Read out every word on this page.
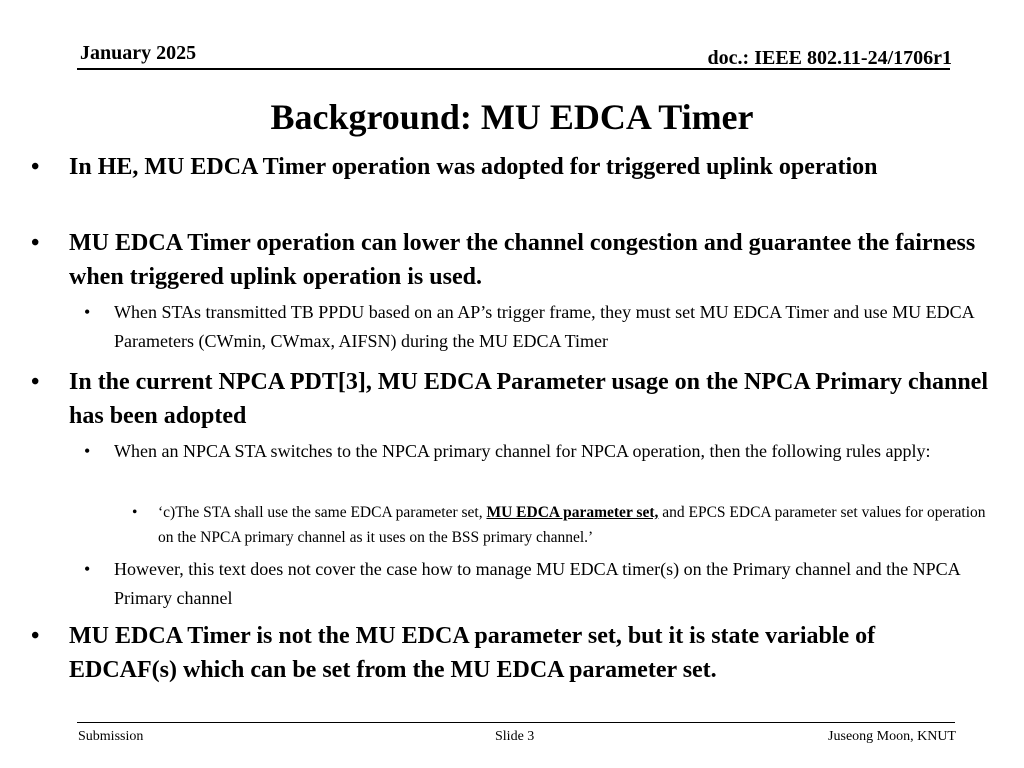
January 2025	doc.: IEEE 802.11-24/1706r1
Background: MU EDCA Timer
• In HE, MU EDCA Timer operation was adopted for triggered uplink operation
• MU EDCA Timer operation can lower the channel congestion and guarantee the fairness when triggered uplink operation is used.
• When STAs transmitted TB PPDU based on an AP’s trigger frame, they must set MU EDCA Timer and use MU EDCA Parameters (CWmin, CWmax, AIFSN) during the MU EDCA Timer
• In the current NPCA PDT[3], MU EDCA Parameter usage on the NPCA Primary channel has been adopted
• When an NPCA STA switches to the NPCA primary channel for NPCA operation, then the following rules apply:
• ‘c)The STA shall use the same EDCA parameter set, MU EDCA parameter set, and EPCS EDCA parameter set values for operation on the NPCA primary channel as it uses on the BSS primary channel.’
• However, this text does not cover the case how to manage MU EDCA timer(s) on the Primary channel and the NPCA Primary channel
• MU EDCA Timer is not the MU EDCA parameter set, but it is state variable of EDCAF(s) which can be set from the MU EDCA parameter set.
Submission	Slide 3	Juseong Moon, KNUT
